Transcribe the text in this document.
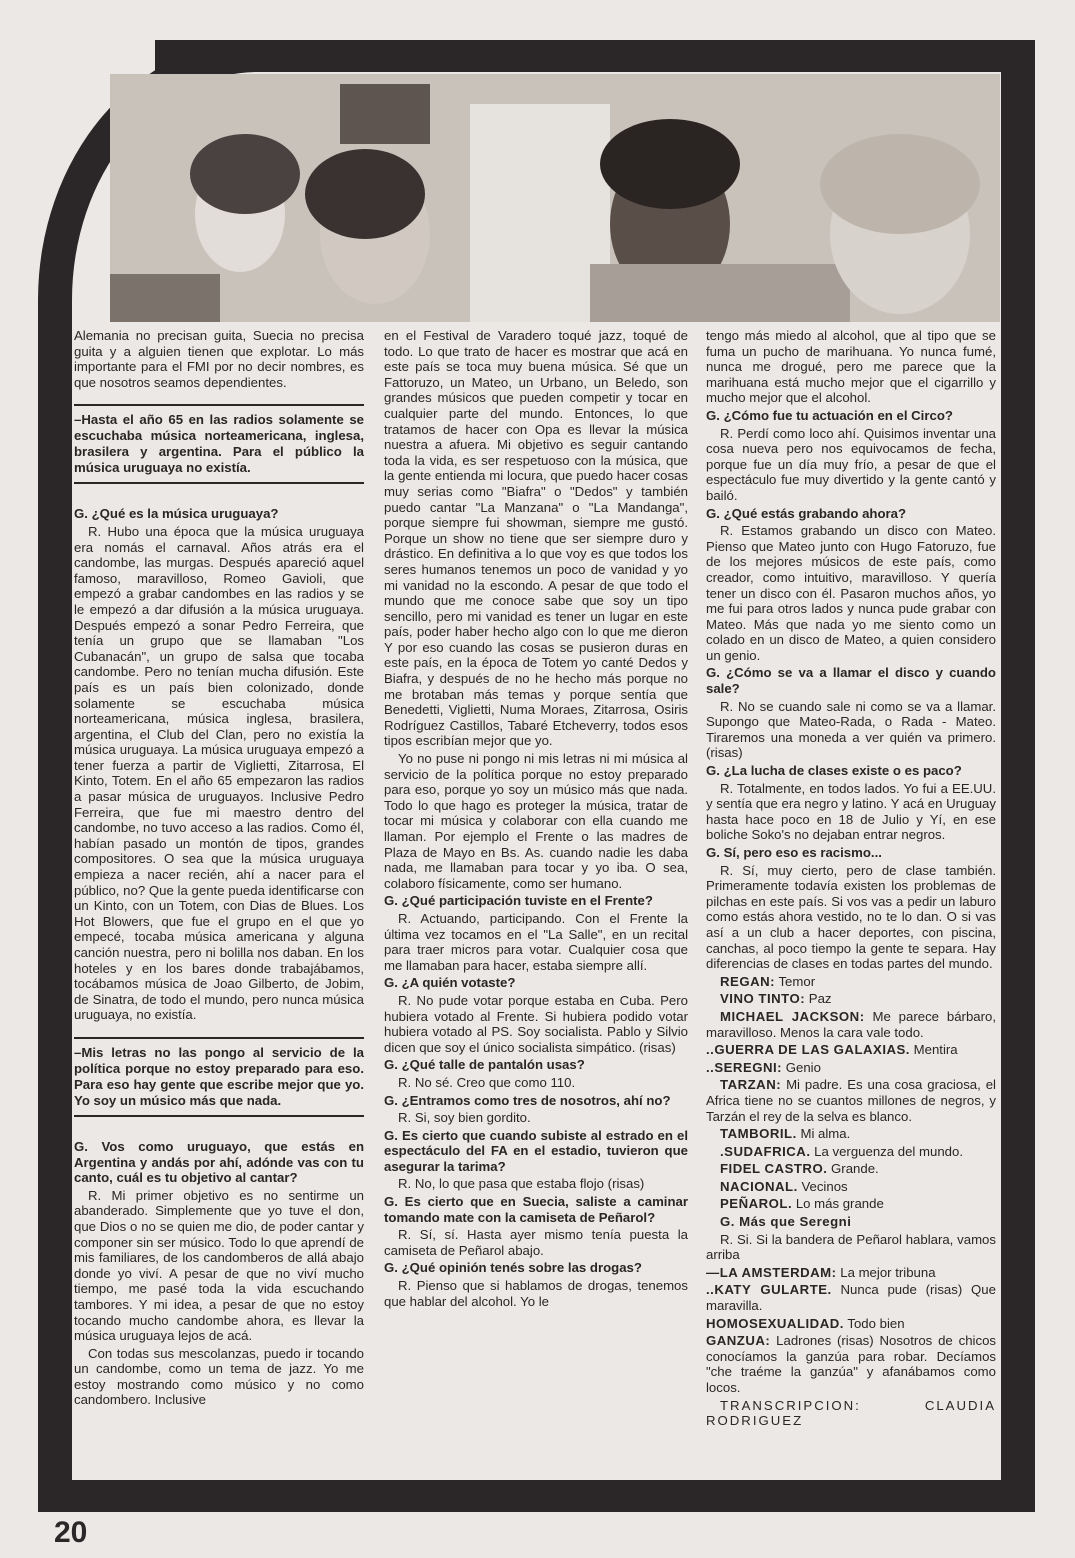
Alemania no precisan guita, Suecia no precisa guita y a alguien tienen que explotar. Lo más importante para el FMI por no decir nombres, es que nosotros seamos dependientes.

–Hasta el año 65 en las radios solamente se escuchaba música norteamericana, inglesa, brasilera y argentina. Para el público la música uruguaya no existía.

G. ¿Qué es la música uruguaya?

R. Hubo una época que la música uruguaya era nomás el carnaval. Años atrás era el candombe, las murgas. Después apareció aquel famoso, maravilloso, Romeo Gavioli, que empezó a grabar candombes en las radios y se le empezó a dar difusión a la música uruguaya. Después empezó a sonar Pedro Ferreira, que tenía un grupo que se llamaban "Los Cubanacán", un grupo de salsa que tocaba candombe. Pero no tenían mucha difusión. Este país es un país bien colonizado, donde solamente se escuchaba música norteamericana, música inglesa, brasilera, argentina, el Club del Clan, pero no existía la música uruguaya. La música uruguaya empezó a tener fuerza a partir de Viglietti, Zitarrosa, El Kinto, Totem. En el año 65 empezaron las radios a pasar música de uruguayos. Inclusive Pedro Ferreira, que fue mi maestro dentro del candombe, no tuvo acceso a las radios. Como él, habían pasado un montón de tipos, grandes compositores. O sea que la música uruguaya empieza a nacer recién, ahí a nacer para el público, no? Que la gente pueda identificarse con un Kinto, con un Totem, con Dias de Blues. Los Hot Blowers, que fue el grupo en el que yo empecé, tocaba música americana y alguna canción nuestra, pero ni bolilla nos daban. En los hoteles y en los bares donde trabajábamos, tocábamos música de Joao Gilberto, de Jobim, de Sinatra, de todo el mundo, pero nunca música uruguaya, no existía.

–Mis letras no las pongo al servicio de la política porque no estoy preparado para eso. Para eso hay gente que escribe mejor que yo. Yo soy un músico más que nada.

G. Vos como uruguayo, que estás en Argentina y andás por ahí, adónde vas con tu canto, cuál es tu objetivo al cantar?

R. Mi primer objetivo es no sentirme un abanderado. Simplemente que yo tuve el don, que Dios o no se quien me dio, de poder cantar y componer sin ser músico. Todo lo que aprendí de mis familiares, de los candomberos de allá abajo donde yo viví. A pesar de que no viví mucho tiempo, me pasé toda la vida escuchando tambores. Y mi idea, a pesar de que no estoy tocando mucho candombe ahora, es llevar la música uruguaya lejos de acá.

Con todas sus mescolanzas, puedo ir tocando un candombe, como un tema de jazz. Yo me estoy mostrando como músico y no como candombero. Inclusive

en el Festival de Varadero toqué jazz, toqué de todo. Lo que trato de hacer es mostrar que acá en este país se toca muy buena música. Sé que un Fattoruzo, un Mateo, un Urbano, un Beledo, son grandes músicos que pueden competir y tocar en cualquier parte del mundo. Entonces, lo que tratamos de hacer con Opa es llevar la música nuestra a afuera. Mi objetivo es seguir cantando toda la vida, es ser respetuoso con la música, que la gente entienda mi locura, que puedo hacer cosas muy serias como "Biafra" o "Dedos" y también puedo cantar "La Manzana" o "La Mandanga", porque siempre fui showman, siempre me gustó. Porque un show no tiene que ser siempre duro y drástico. En definitiva a lo que voy es que todos los seres humanos tenemos un poco de vanidad y yo mi vanidad no la escondo. A pesar de que todo el mundo que me conoce sabe que soy un tipo sencillo, pero mi vanidad es tener un lugar en este país, poder haber hecho algo con lo que me dieron Y por eso cuando las cosas se pusieron duras en este país, en la época de Totem yo canté Dedos y Biafra, y después de no he hecho más porque no me brotaban más temas y porque sentía que Benedetti, Viglietti, Numa Moraes, Zitarrosa, Osiris Rodríguez Castillos, Tabaré Etcheverry, todos esos tipos escribían mejor que yo.

Yo no puse ni pongo ni mis letras ni mi música al servicio de la política porque no estoy preparado para eso, porque yo soy un músico más que nada. Todo lo que hago es proteger la música, tratar de tocar mi música y colaborar con ella cuando me llaman. Por ejemplo el Frente o las madres de Plaza de Mayo en Bs. As. cuando nadie les daba nada, me llamaban para tocar y yo iba. O sea, colaboro físicamente, como ser humano.

G. ¿Qué participación tuviste en el Frente?

R. Actuando, participando. Con el Frente la última vez tocamos en el "La Salle", en un recital para traer micros para votar. Cualquier cosa que me llamaban para hacer, estaba siempre allí.

G. ¿A quién votaste?

R. No pude votar porque estaba en Cuba. Pero hubiera votado al Frente. Si hubiera podido votar hubiera votado al PS. Soy socialista. Pablo y Silvio dicen que soy el único socialista simpático. (risas)

G. ¿Qué talle de pantalón usas?

R. No sé. Creo que como 110.

G. ¿Entramos como tres de nosotros, ahí no?

R. Si, soy bien gordito.

G. Es cierto que cuando subiste al estrado en el espectáculo del FA en el estadio, tuvieron que asegurar la tarima?

R. No, lo que pasa que estaba flojo (risas)

G. Es cierto que en Suecia, saliste a caminar tomando mate con la camiseta de Peñarol?

R. Sí, sí. Hasta ayer mismo tenía puesta la camiseta de Peñarol abajo.

G. ¿Qué opinión tenés sobre las drogas?

R. Pienso que si hablamos de drogas, tenemos que hablar del alcohol. Yo le

tengo más miedo al alcohol, que al tipo que se fuma un pucho de marihuana. Yo nunca fumé, nunca me drogué, pero me parece que la marihuana está mucho mejor que el cigarrillo y mucho mejor que el alcohol.

G. ¿Cómo fue tu actuación en el Circo?

R. Perdí como loco ahí. Quisimos inventar una cosa nueva pero nos equivocamos de fecha, porque fue un día muy frío, a pesar de que el espectáculo fue muy divertido y la gente cantó y bailó.

G. ¿Qué estás grabando ahora?

R. Estamos grabando un disco con Mateo. Pienso que Mateo junto con Hugo Fatoruzo, fue de los mejores músicos de este país, como creador, como intuitivo, maravilloso. Y quería tener un disco con él. Pasaron muchos años, yo me fui para otros lados y nunca pude grabar con Mateo. Más que nada yo me siento como un colado en un disco de Mateo, a quien considero un genio.

G. ¿Cómo se va a llamar el disco y cuando sale?

R. No se cuando sale ni como se va a llamar. Supongo que Mateo-Rada, o Rada - Mateo. Tiraremos una moneda a ver quién va primero. (risas)

G. ¿La lucha de clases existe o es paco?

R. Totalmente, en todos lados. Yo fui a EE.UU. y sentía que era negro y latino. Y acá en Uruguay hasta hace poco en 18 de Julio y Yí, en ese boliche Soko's no dejaban entrar negros.

G. Sí, pero eso es racismo...

R. Sí, muy cierto, pero de clase también. Primeramente todavía existen los problemas de pilchas en este país. Si vos vas a pedir un laburo como estás ahora vestido, no te lo dan. O si vas así a un club a hacer deportes, con piscina, canchas, al poco tiempo la gente te separa. Hay diferencias de clases en todas partes del mundo.

REGAN: Temor

VINO TINTO: Paz

MICHAEL JACKSON: Me parece bárbaro, maravilloso. Menos la cara vale todo.

..GUERRA DE LAS GALAXIAS. Mentira

..SEREGNI: Genio

TARZAN: Mi padre. Es una cosa graciosa, el Africa tiene no se cuantos millones de negros, y Tarzán el rey de la selva es blanco.

TAMBORIL. Mi alma.

.SUDAFRICA. La verguenza del mundo.

FIDEL CASTRO. Grande.

NACIONAL. Vecinos

PEÑAROL. Lo más grande

G. Más que Seregni

R. Si. Si la bandera de Peñarol hablara, vamos arriba

—LA AMSTERDAM: La mejor tribuna

..KATY GULARTE. Nunca pude (risas) Que maravilla.

HOMOSEXUALIDAD. Todo bien

GANZUA: Ladrones (risas) Nosotros de chicos conocíamos la ganzúa para robar. Decíamos "che traéme la ganzúa" y afanábamos como locos.

TRANSCRIPCION: CLAUDIA RODRIGUEZ

20
